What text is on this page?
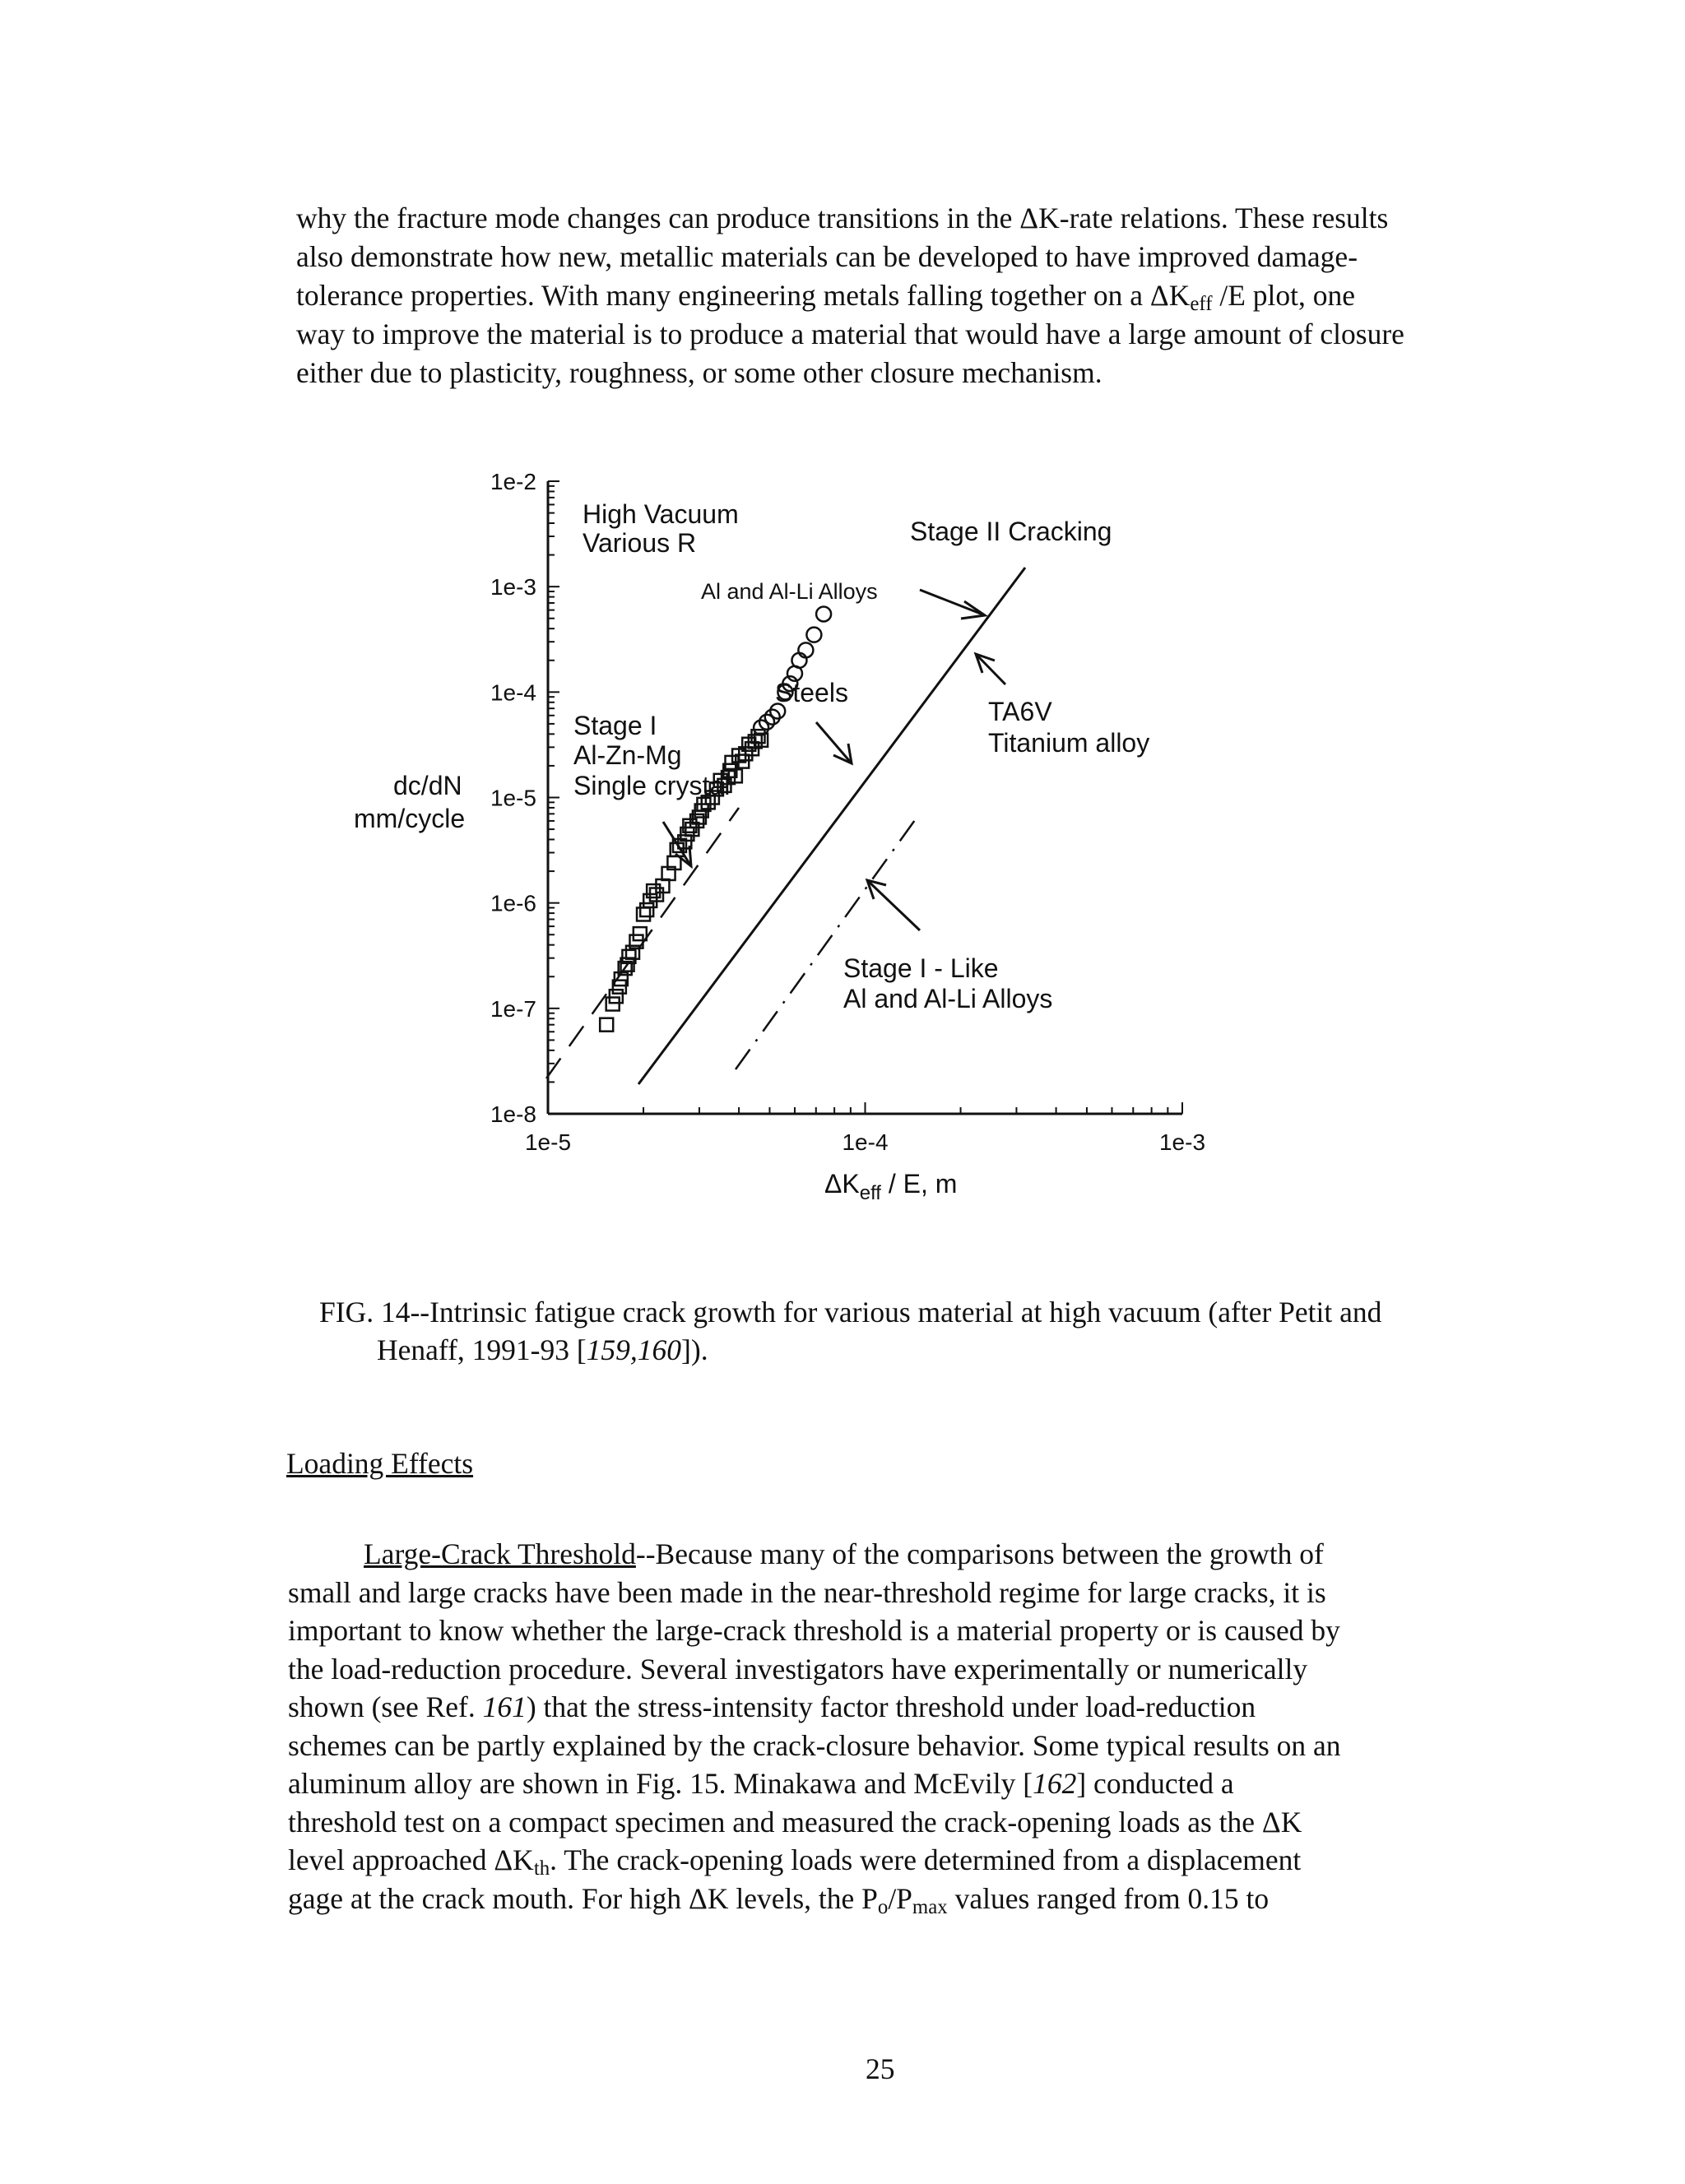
why the fracture mode changes can produce transitions in the ΔK-rate relations. These results

also demonstrate how new, metallic materials can be developed to have improved damage-

tolerance properties. With many engineering metals falling together on a $\Delta K_{eff}$ /E plot, one

way to improve the material is to produce a material that would have a large amount of closure

either due to plasticity, roughness, or some other closure mechanism.

1e-2
1e-3
1e-4
1e-5
1e-6
1e-7
1e-8
1e-5	1e-4	1e-3
dc/dN
mm/cycle
$\Delta K_{eff}$ / E, m
High Vacuum
Various R	Stage II Cracking
Al and Al-Li Alloys
Steels
TA6V
Titanium alloy
Stage I
Al-Zn-Mg
Single crystal
Stage I - Like
Al and Al-Li Alloys
FIG. 14--Intrinsic fatigue crack growth for various material at high vacuum (after Petit and
Henaff, 1991-93 [159,160]).
Loading Effects
Large-Crack Threshold--Because many of the comparisons between the growth of
small and large cracks have been made in the near-threshold regime for large cracks, it is
important to know whether the large-crack threshold is a material property or is caused by
the load-reduction procedure. Several investigators have experimentally or numerically
shown (see Ref. 161) that the stress-intensity factor threshold under load-reduction
schemes can be partly explained by the crack-closure behavior. Some typical results on an
aluminum alloy are shown in Fig. 15. Minakawa and McEvily [162] conducted a
threshold test on a compact specimen and measured the crack-opening loads as the ΔK
level approached $\Delta K_{th}$. The crack-opening loads were determined from a displacement
gage at the crack mouth. For high ΔK levels, the $P_o/P_{max}$ values ranged from 0.15 to
25
